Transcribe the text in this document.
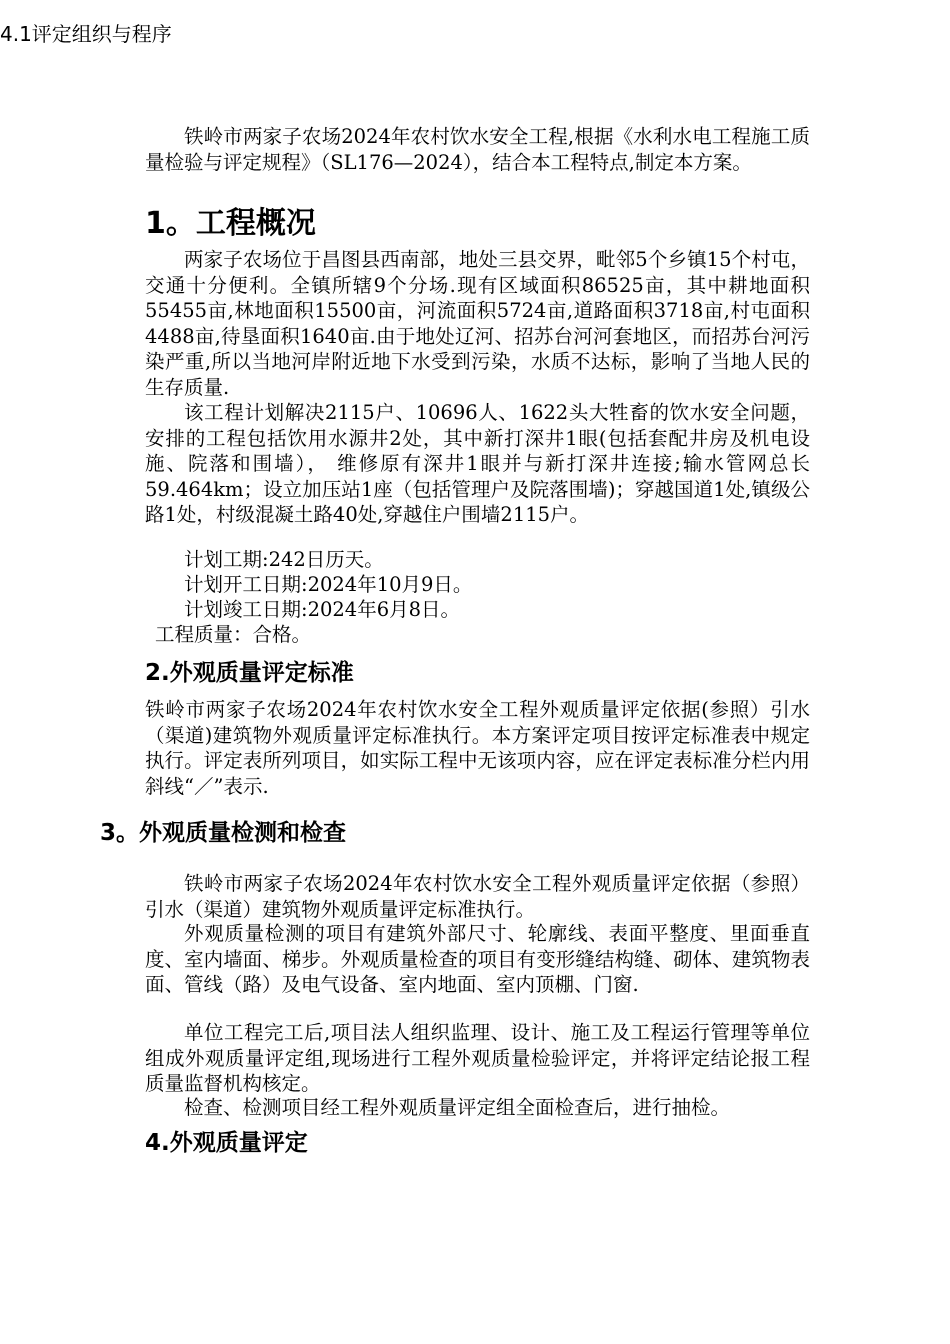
铁岭市两家子农场2024年农村饮水安全工程,根据《水利水电工程施工质量检验与评定规程》（SL176—2024），结合本工程特点,制定本方案。

1。工程概况

两家子农场位于昌图县西南部，地处三县交界，毗邻5个乡镇15个村屯，交通十分便利。全镇所辖9个分场.现有区域面积86525亩，其中耕地面积55455亩,林地面积15500亩，河流面积5724亩,道路面积3718亩,村屯面积4488亩,待垦面积1640亩.由于地处辽河、招苏台河河套地区，而招苏台河污染严重,所以当地河岸附近地下水受到污染，水质不达标，影响了当地人民的生存质量.

该工程计划解决2115户、10696人、1622头大牲畜的饮水安全问题，安排的工程包括饮用水源井2处，其中新打深井1眼(包括套配井房及机电设施、院落和围墙）， 维修原有深井1眼并与新打深井连接;输水管网总长59.464km；设立加压站1座（包括管理户及院落围墙)；穿越国道1处,镇级公路1处，村级混凝土路40处,穿越住户围墙2115户。

计划工期:242日历天。

计划开工日期:2024年10月9日。

计划竣工日期:2024年6月8日。

工程质量：合格。

2.外观质量评定标准

铁岭市两家子农场2024年农村饮水安全工程外观质量评定依据(参照）引水（渠道)建筑物外观质量评定标准执行。本方案评定项目按评定标准表中规定执行。评定表所列项目，如实际工程中无该项内容，应在评定表标准分栏内用斜线“／”表示.

3。外观质量检测和检查

铁岭市两家子农场2024年农村饮水安全工程外观质量评定依据（参照）引水（渠道）建筑物外观质量评定标准执行。

外观质量检测的项目有建筑外部尺寸、轮廓线、表面平整度、里面垂直度、室内墙面、梯步。外观质量检查的项目有变形缝结构缝、砌体、建筑物表面、管线（路）及电气设备、室内地面、室内顶棚、门窗.

单位工程完工后,项目法人组织监理、设计、施工及工程运行管理等单位组成外观质量评定组,现场进行工程外观质量检验评定，并将评定结论报工程质量监督机构核定。

检查、检测项目经工程外观质量评定组全面检查后，进行抽检。

4.外观质量评定
4.1评定组织与程序
